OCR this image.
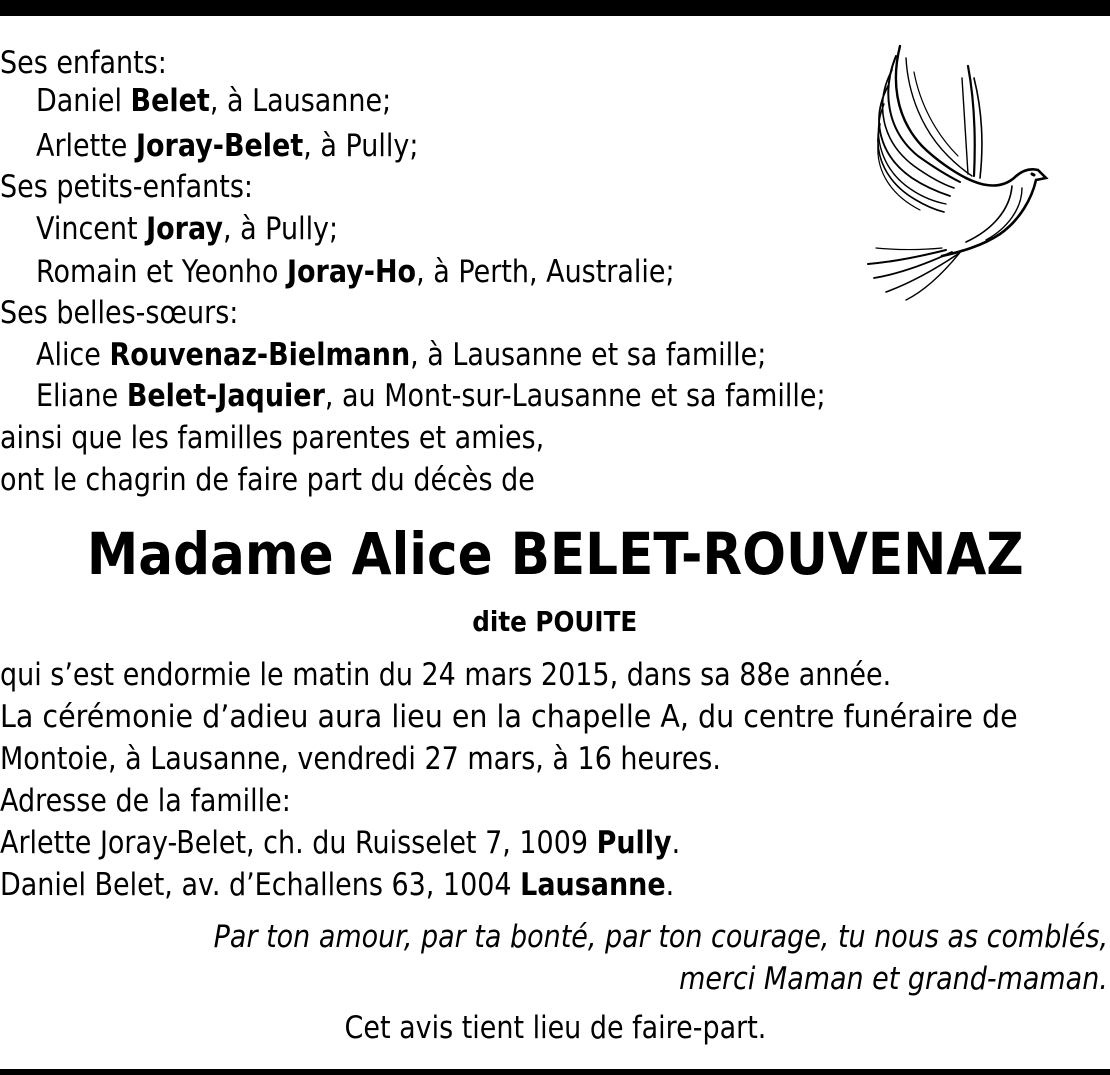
Ses enfants:
Daniel Belet, à Lausanne;
Arlette Joray-Belet, à Pully;
Ses petits-enfants:
Vincent Joray, à Pully;
Romain et Yeonho Joray-Ho, à Perth, Australie;
Ses belles-sœurs:
Alice Rouvenaz-Bielmann, à Lausanne et sa famille;
Eliane Belet-Jaquier, au Mont-sur-Lausanne et sa famille;
ainsi que les familles parentes et amies,
ont le chagrin de faire part du décès de
Madame Alice BELET-ROUVENAZ
dite POUITE
qui s’est endormie le matin du 24 mars 2015, dans sa 88e année.
La cérémonie d’adieu aura lieu en la chapelle A, du centre funéraire de
Montoie, à Lausanne, vendredi 27 mars, à 16 heures.
Adresse de la famille:
Arlette Joray-Belet, ch. du Ruisselet 7, 1009 Pully.
Daniel Belet, av. d’Echallens 63, 1004 Lausanne.
Par ton amour, par ta bonté, par ton courage, tu nous as comblés,
merci Maman et grand-maman.
Cet avis tient lieu de faire-part.
